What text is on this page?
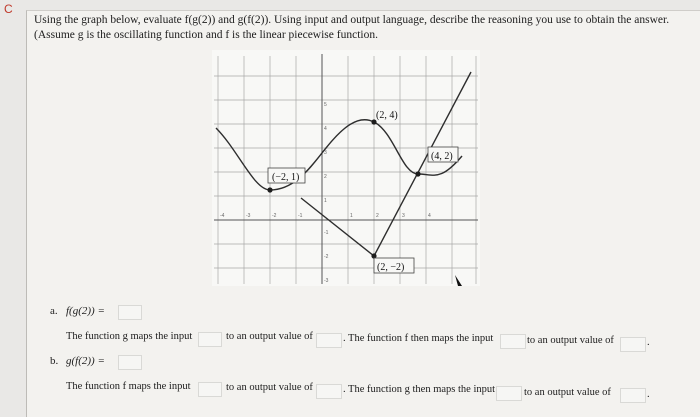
C
Using the graph below, evaluate f(g(2)) and g(f(2)). Using input and output language, describe the reasoning you use to obtain the answer.
(Assume g is the oscillating function and f is the linear piecewise function.
-4	-3	-2	-1	1	2	3	4
5
4
3
2
1
-1
-2
-3
(2, 4)
(4, 2)
(−2, 1)
(2, −2)
a. f(g(2)) =
The function g maps the input	to an output value of	. The function f then maps the input	to an output value of	.
b. g(f(2)) =
The function f maps the input	to an output value of	. The function g then maps the input	to an output value of	.
